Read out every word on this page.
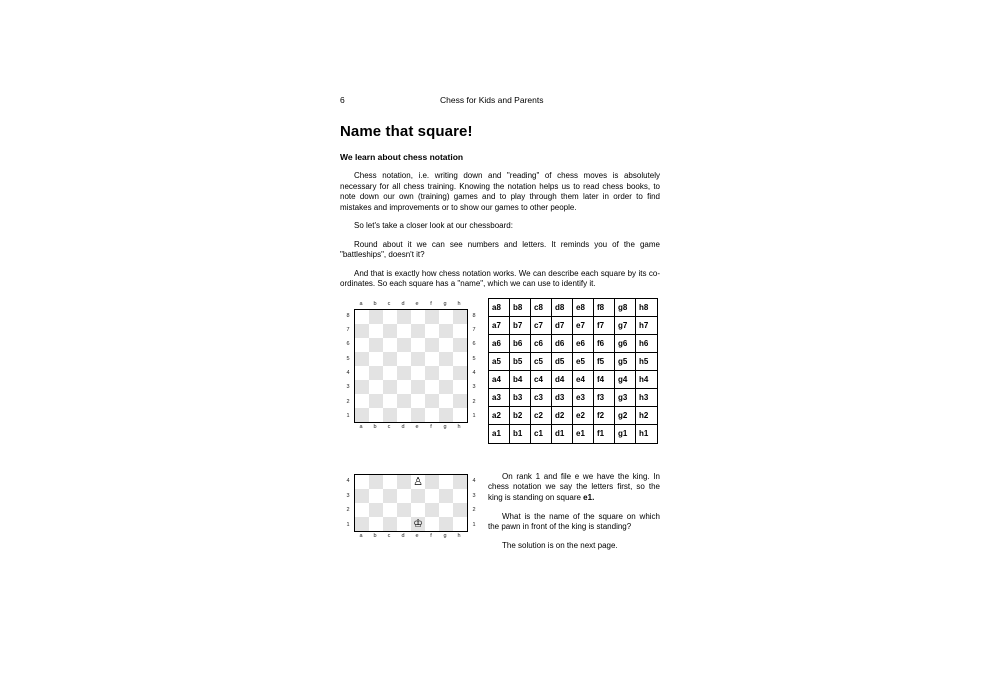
6	Chess for Kids and Parents
Name that square!
We learn about chess notation

Chess notation, i.e. writing down and "reading" of chess moves is absolutely necessary for all chess training. Knowing the notation helps us to read chess books, to note down our own (training) games and to play through them later in order to find mistakes and improvements or to show our games to other people.

So let's take a closer look at our chessboard:

Round about it we can see numbers and letters. It reminds you of the game "battleships", doesn't it?

And that is exactly how chess notation works. We can describe each square by its co-ordinates. So each square has a "name", which we can use to identify it.

a	b	c	d	e	f	g	h
8
7
6
5
4
3
2
1
8
7
6
5
4
3
2
1
a	b	c	d	e	f	g	h
a8	b8	c8	d8	e8	f8	g8	h8
a7	b7	c7	d7	e7	f7	g7	h7
a6	b6	c6	d6	e6	f6	g6	h6
a5	b5	c5	d5	e5	f5	g5	h5
a4	b4	c4	d4	e4	f4	g4	h4
a3	b3	c3	d3	e3	f3	g3	h3
a2	b2	c2	d2	e2	f2	g2	h2
a1	b1	c1	d1	e1	f1	g1	h1
4
3
2
1
♙
♔
4
3
2
1
a	b	c	d	e	f	g	h

On rank 1 and file e we have the king. In chess notation we say the letters first, so the king is standing on square e1.

What is the name of the square on which the pawn in front of the king is standing?

The solution is on the next page.
